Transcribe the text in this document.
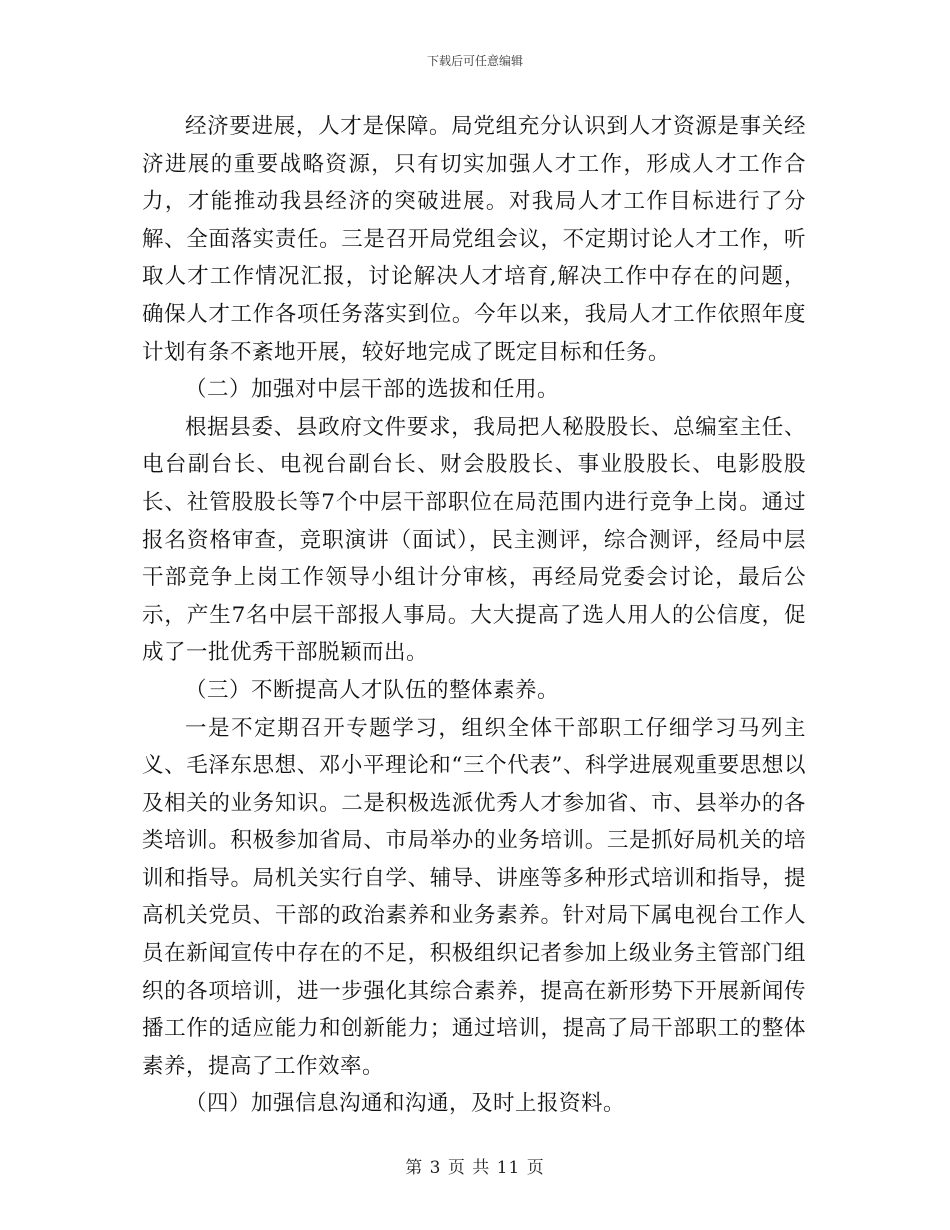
下载后可任意编辑

经济要进展，人才是保障。局党组充分认识到人才资源是事关经济进展的重要战略资源，只有切实加强人才工作，形成人才工作合力，才能推动我县经济的突破进展。对我局人才工作目标进行了分解、全面落实责任。三是召开局党组会议，不定期讨论人才工作，听取人才工作情况汇报，讨论解决人才培育,解决工作中存在的问题，确保人才工作各项任务落实到位。今年以来，我局人才工作依照年度计划有条不紊地开展，较好地完成了既定目标和任务。

（二）加强对中层干部的选拔和任用。

根据县委、县政府文件要求，我局把人秘股股长、总编室主任、电台副台长、电视台副台长、财会股股长、事业股股长、电影股股长、社管股股长等7个中层干部职位在局范围内进行竞争上岗。通过报名资格审查，竞职演讲（面试），民主测评，综合测评，经局中层干部竞争上岗工作领导小组计分审核，再经局党委会讨论，最后公示，产生7名中层干部报人事局。大大提高了选人用人的公信度，促成了一批优秀干部脱颖而出。

（三）不断提高人才队伍的整体素养。

一是不定期召开专题学习，组织全体干部职工仔细学习马列主义、毛泽东思想、邓小平理论和“三个代表”、科学进展观重要思想以及相关的业务知识。二是积极选派优秀人才参加省、市、县举办的各类培训。积极参加省局、市局举办的业务培训。三是抓好局机关的培训和指导。局机关实行自学、辅导、讲座等多种形式培训和指导，提高机关党员、干部的政治素养和业务素养。针对局下属电视台工作人员在新闻宣传中存在的不足，积极组织记者参加上级业务主管部门组织的各项培训，进一步强化其综合素养，提高在新形势下开展新闻传播工作的适应能力和创新能力；通过培训，提高了局干部职工的整体素养，提高了工作效率。

（四）加强信息沟通和沟通，及时上报资料。

第 3 页 共 11 页
